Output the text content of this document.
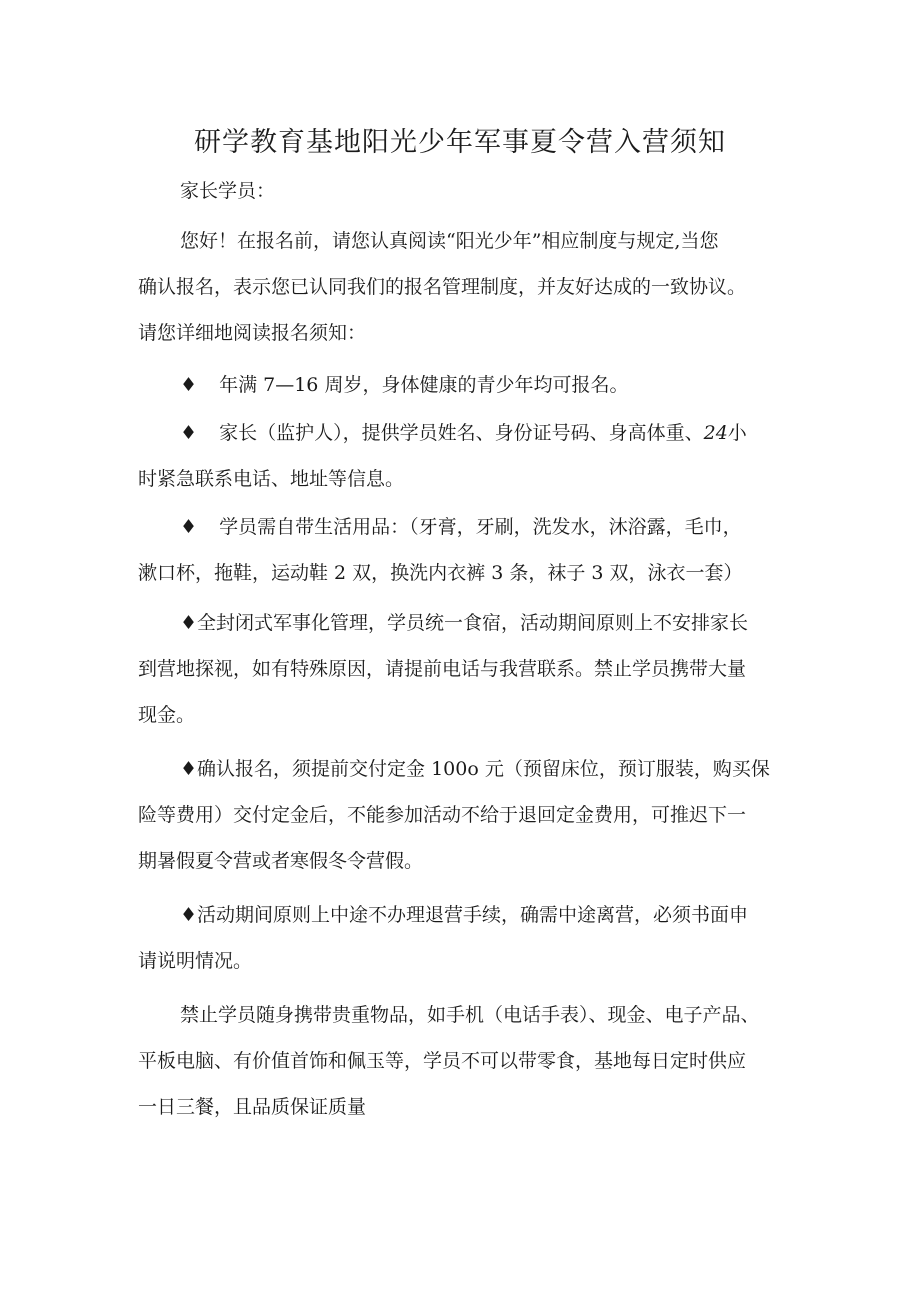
研学教育基地阳光少年军事夏令营入营须知
家长学员：
您好！在报名前，请您认真阅读“阳光少年”相应制度与规定,当您
确认报名，表示您已认同我们的报名管理制度，并友好达成的一致协议。
请您详细地阅读报名须知：
♦ 年满 7—16 周岁，身体健康的青少年均可报名。
♦ 家长（监护人），提供学员姓名、身份证号码、身高体重、24小
时紧急联系电话、地址等信息。
♦ 学员需自带生活用品：（牙膏，牙刷，洗发水，沐浴露，毛巾，
漱口杯，拖鞋，运动鞋 2 双，换洗内衣裤 3 条，袜子 3 双，泳衣一套）
♦全封闭式军事化管理，学员统一食宿，活动期间原则上不安排家长
到营地探视，如有特殊原因，请提前电话与我营联系。禁止学员携带大量
现金。
♦确认报名，须提前交付定金 100o 元（预留床位，预订服装，购买保
险等费用）交付定金后，不能参加活动不给于退回定金费用，可推迟下一
期暑假夏令营或者寒假冬令营假。
♦活动期间原则上中途不办理退营手续，确需中途离营，必须书面申
请说明情况。
禁止学员随身携带贵重物品，如手机（电话手表）、现金、电子产品、
平板电脑、有价值首饰和佩玉等，学员不可以带零食，基地每日定时供应
一日三餐，且品质保证质量
